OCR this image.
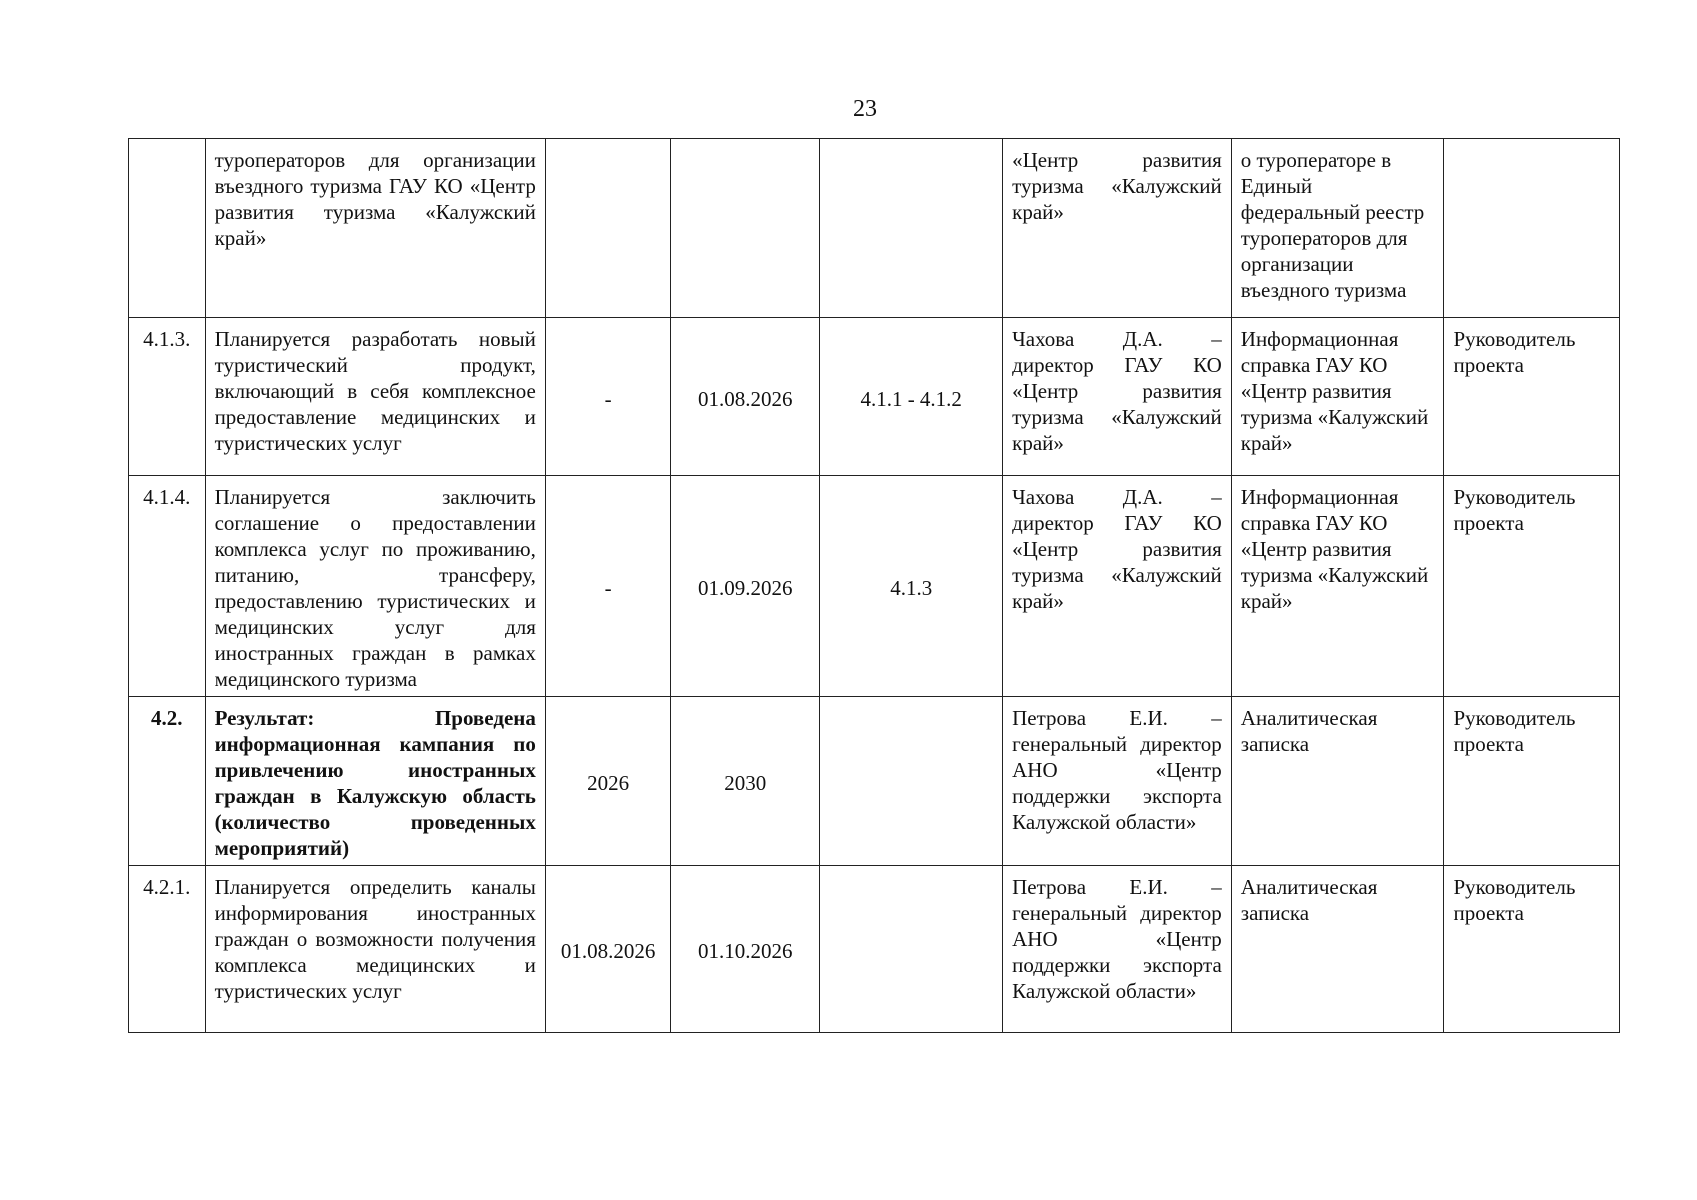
23
	туроператоров для организации въездного туризма ГАУ КО «Центр развития туризма «Калужский край»				«Центр развития туризма «Калужский край»	о туроператоре в Единый федеральный реестр туроператоров для организации въездного туризма	
4.1.3.	Планируется разработать новый туристический продукт, включающий в себя комплексное предоставление медицинских и туристических услуг	-	01.08.2026	4.1.1 - 4.1.2	Чахова Д.А. – директор ГАУ КО «Центр развития туризма «Калужский край»	Информационная справка ГАУ КО «Центр развития туризма «Калужский край»	Руководитель проекта
4.1.4.	Планируется заключить соглашение о предоставлении комплекса услуг по проживанию, питанию, трансферу, предоставлению туристических и медицинских услуг для иностранных граждан в рамках медицинского туризма	-	01.09.2026	4.1.3	Чахова Д.А. – директор ГАУ КО «Центр развития туризма «Калужский край»	Информационная справка ГАУ КО «Центр развития туризма «Калужский край»	Руководитель проекта
4.2.	Результат: Проведена информационная кампания по привлечению иностранных граждан в Калужскую область (количество проведенных мероприятий)	2026	2030		Петрова Е.И. – генеральный директор АНО «Центр поддержки экспорта Калужской области»	Аналитическая записка	Руководитель проекта
4.2.1.	Планируется определить каналы информирования иностранных граждан о возможности получения комплекса медицинских и туристических услуг	01.08.2026	01.10.2026		Петрова Е.И. – генеральный директор АНО «Центр поддержки экспорта Калужской области»	Аналитическая записка	Руководитель проекта
